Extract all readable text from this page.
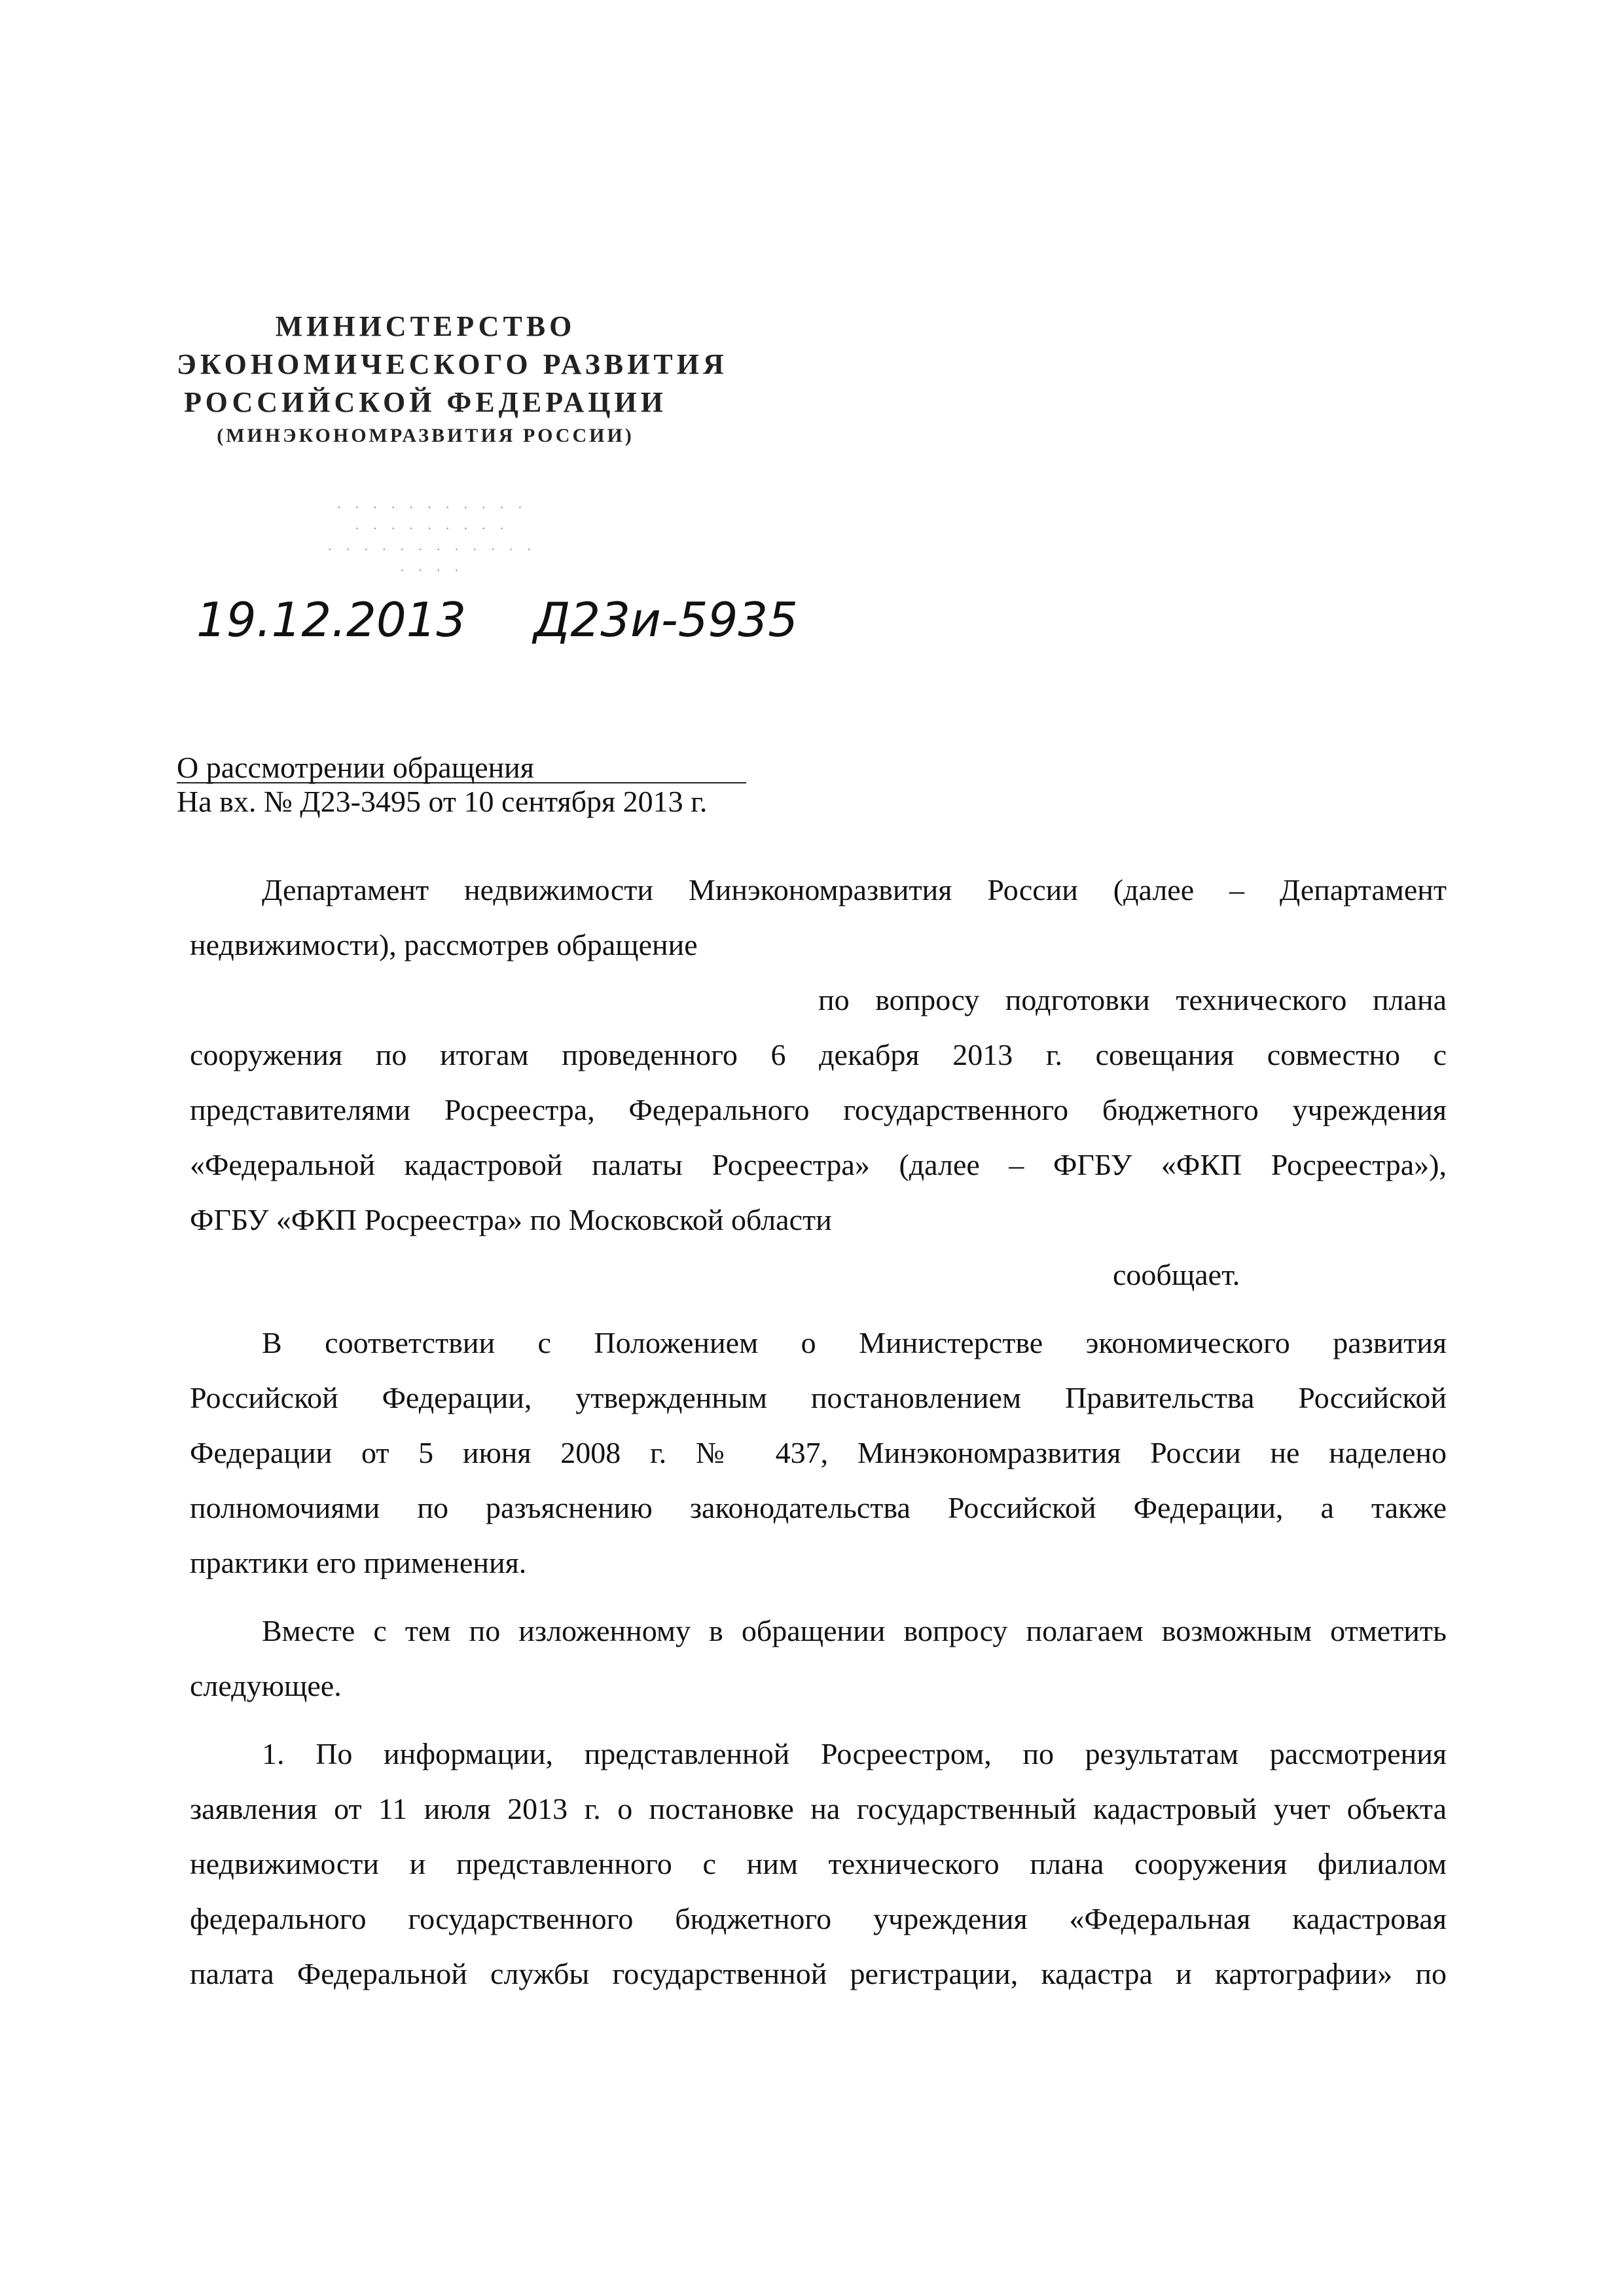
МИНИСТЕРСТВО
ЭКОНОМИЧЕСКОГО РАЗВИТИЯ
РОССИЙСКОЙ ФЕДЕРАЦИИ
(МИНЭКОНОМРАЗВИТИЯ РОССИИ)
· · · · · · · · · · ·
· · · · · · · · ·
· · · · · · · · · · · ·
· · · ·
19.12.2013 Д23и-5935
О рассмотрении обращения
На вх. № Д23-3495 от 10 сентября 2013 г.
Департамент недвижимости Минэкономразвития России (далее – Департамент
недвижимости), рассмотрев обращение
по вопросу подготовки технического плана
сооружения по итогам проведенного 6 декабря 2013 г. совещания совместно с
представителями Росреестра, Федерального государственного бюджетного учреждения
«Федеральной кадастровой палаты Росреестра» (далее – ФГБУ «ФКП Росреестра»),
ФГБУ «ФКП Росреестра» по Московской области
сообщает.
В соответствии с Положением о Министерстве экономического развития
Российской Федерации, утвержденным постановлением Правительства Российской
Федерации от 5 июня 2008 г. № 437, Минэкономразвития России не наделено
полномочиями по разъяснению законодательства Российской Федерации, а также
практики его применения.
Вместе с тем по изложенному в обращении вопросу полагаем возможным отметить
следующее.
1. По информации, представленной Росреестром, по результатам рассмотрения
заявления от 11 июля 2013 г. о постановке на государственный кадастровый учет объекта
недвижимости и представленного с ним технического плана сооружения филиалом
федерального государственного бюджетного учреждения «Федеральная кадастровая
палата Федеральной службы государственной регистрации, кадастра и картографии» по
